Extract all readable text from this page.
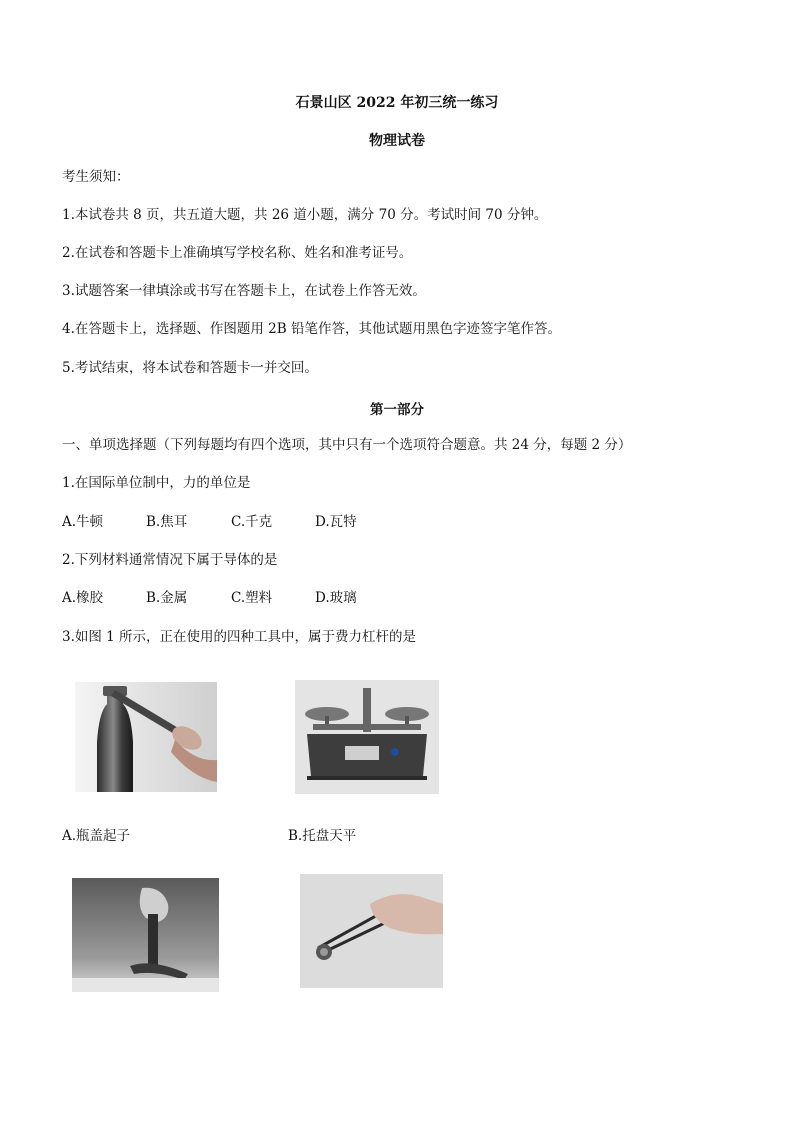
石景山区 2022 年初三统一练习
物理试卷
考生须知：
1.本试卷共 8 页，共五道大题，共 26 道小题，满分 70 分。考试时间 70 分钟。
2.在试卷和答题卡上准确填写学校名称、姓名和准考证号。
3.试题答案一律填涂或书写在答题卡上，在试卷上作答无效。
4.在答题卡上，选择题、作图题用 2B 铅笔作答，其他试题用黑色字迹签字笔作答。
5.考试结束，将本试卷和答题卡一并交回。
第一部分
一、单项选择题（下列每题均有四个选项，其中只有一个选项符合题意。共 24 分，每题 2 分）
1.在国际单位制中，力的单位是
A.牛顿	B.焦耳	C.千克	D.瓦特
2.下列材料通常情况下属于导体的是
A.橡胶	B.金属	C.塑料	D.玻璃
3.如图 1 所示，正在使用的四种工具中，属于费力杠杆的是
A.瓶盖起子	B.托盘天平
